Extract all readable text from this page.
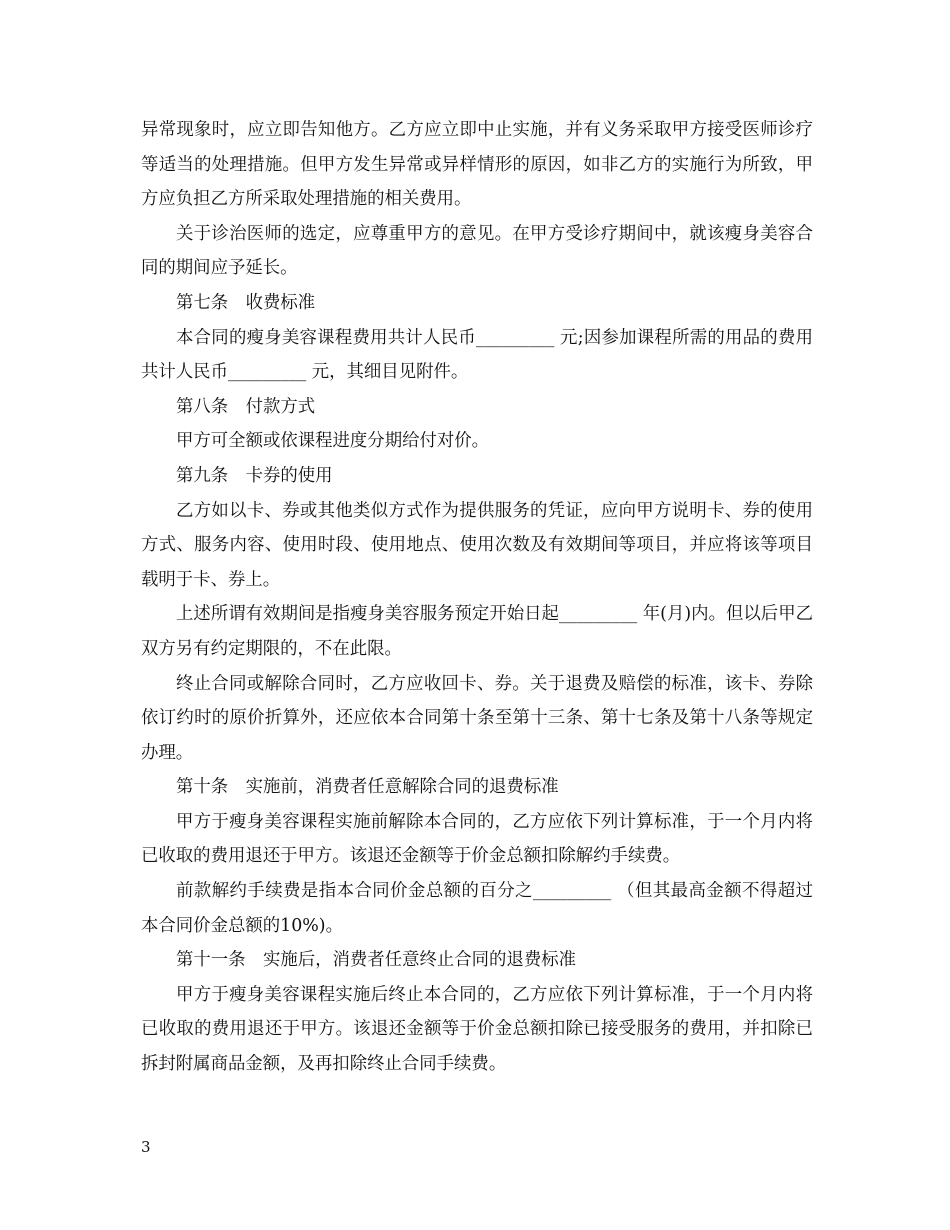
异常现象时，应立即告知他方。乙方应立即中止实施，并有义务采取甲方接受医师诊疗等适当的处理措施。但甲方发生异常或异样情形的原因，如非乙方的实施行为所致，甲方应负担乙方所采取处理措施的相关费用。

关于诊治医师的选定，应尊重甲方的意见。在甲方受诊疗期间中，就该瘦身美容合同的期间应予延长。

第七条　收费标准

本合同的瘦身美容课程费用共计人民币_________ 元;因参加课程所需的用品的费用共计人民币_________ 元，其细目见附件。

第八条　付款方式

甲方可全额或依课程进度分期给付对价。

第九条　卡券的使用

乙方如以卡、券或其他类似方式作为提供服务的凭证，应向甲方说明卡、券的使用方式、服务内容、使用时段、使用地点、使用次数及有效期间等项目，并应将该等项目载明于卡、券上。

上述所谓有效期间是指瘦身美容服务预定开始日起_________ 年(月)内。但以后甲乙双方另有约定期限的，不在此限。

终止合同或解除合同时，乙方应收回卡、券。关于退费及赔偿的标准，该卡、券除依订约时的原价折算外，还应依本合同第十条至第十三条、第十七条及第十八条等规定办理。

第十条　实施前，消费者任意解除合同的退费标准

甲方于瘦身美容课程实施前解除本合同的，乙方应依下列计算标准，于一个月内将已收取的费用退还于甲方。该退还金额等于价金总额扣除解约手续费。

前款解约手续费是指本合同价金总额的百分之_________ （但其最高金额不得超过本合同价金总额的10%)。

第十一条　实施后，消费者任意终止合同的退费标准

甲方于瘦身美容课程实施后终止本合同的，乙方应依下列计算标准，于一个月内将已收取的费用退还于甲方。该退还金额等于价金总额扣除已接受服务的费用，并扣除已拆封附属商品金额，及再扣除终止合同手续费。

3
